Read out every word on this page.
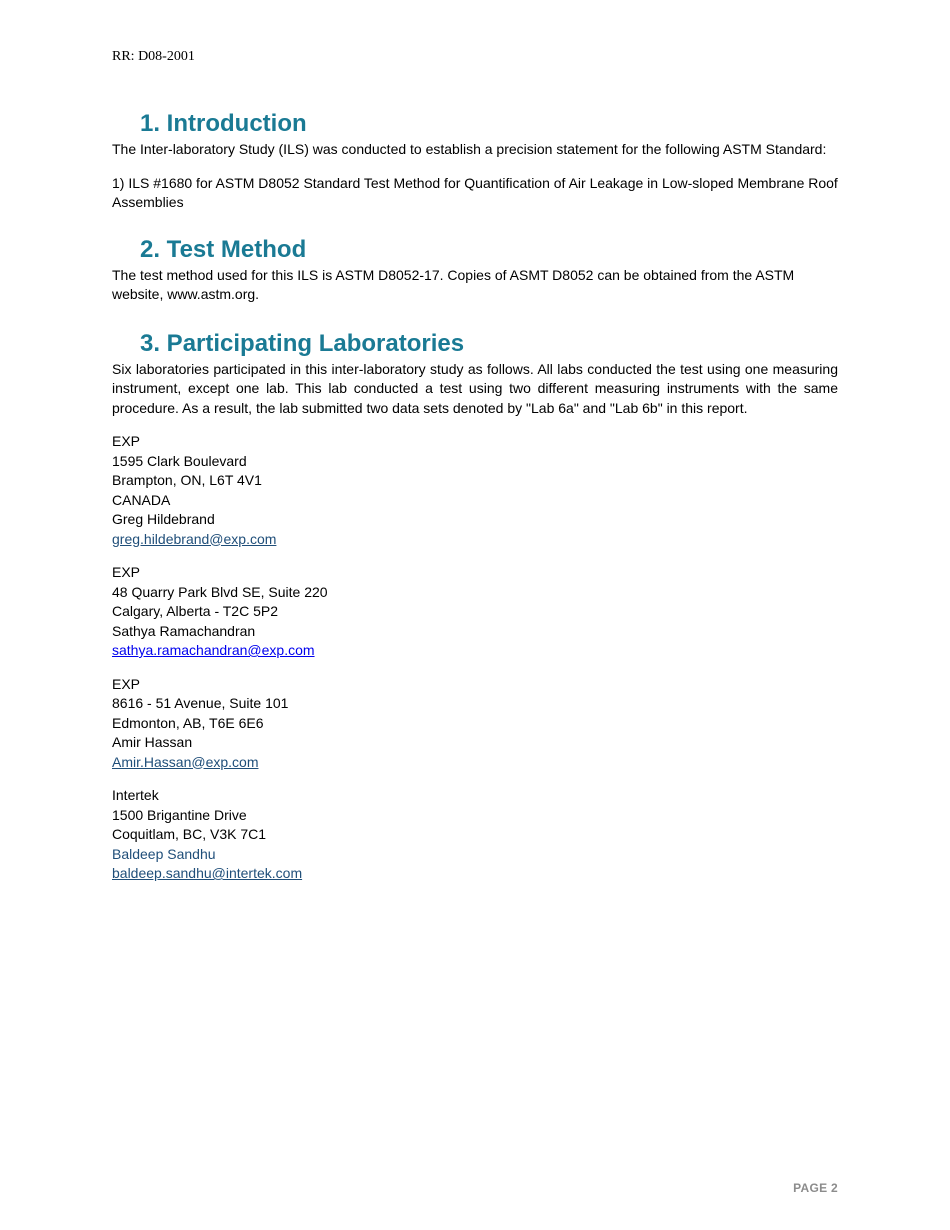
RR: D08-2001
1. Introduction

The Inter-laboratory Study (ILS) was conducted to establish a precision statement for the following ASTM Standard:

1) ILS #1680 for ASTM D8052 Standard Test Method for Quantification of Air Leakage in Low-sloped Membrane Roof Assemblies

2. Test Method

The test method used for this ILS is ASTM D8052-17. Copies of ASMT D8052 can be obtained from the ASTM website, www.astm.org.

3. Participating Laboratories

Six laboratories participated in this inter-laboratory study as follows. All labs conducted the test using one measuring instrument, except one lab. This lab conducted a test using two different measuring instruments with the same procedure. As a result, the lab submitted two data sets denoted by "Lab 6a" and "Lab 6b" in this report.

EXP
1595 Clark Boulevard
Brampton, ON, L6T 4V1
CANADA
Greg Hildebrand
greg.hildebrand@exp.com
EXP
48 Quarry Park Blvd SE, Suite 220
Calgary, Alberta - T2C 5P2
Sathya Ramachandran
sathya.ramachandran@exp.com
EXP
8616 - 51 Avenue, Suite 101
Edmonton, AB, T6E 6E6
Amir Hassan
Amir.Hassan@exp.com
Intertek
1500 Brigantine Drive
Coquitlam, BC, V3K 7C1
Baldeep Sandhu
baldeep.sandhu@intertek.com
PAGE 2
